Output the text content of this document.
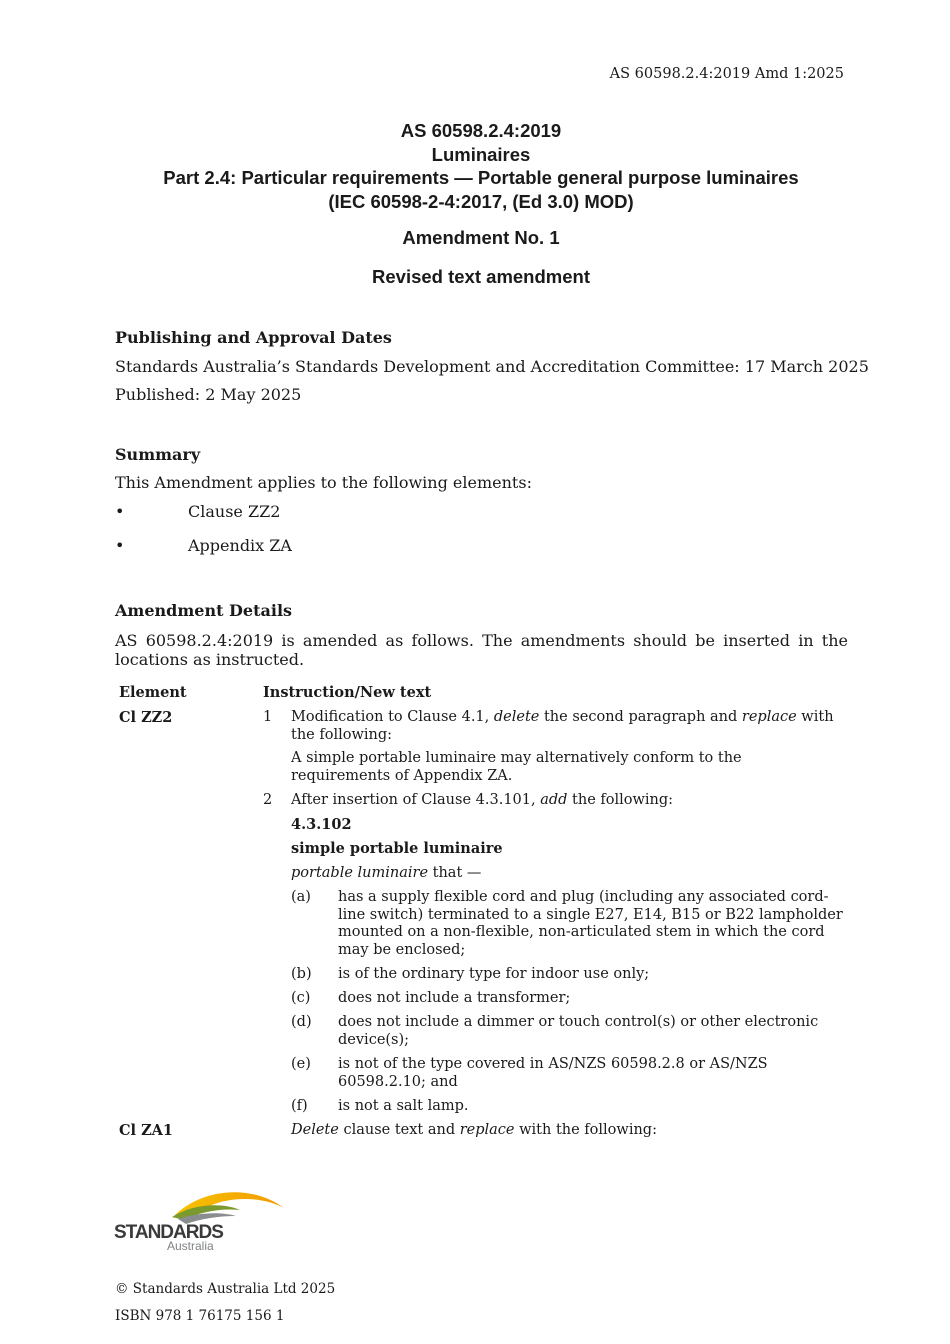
AS 60598.2.4:2019 Amd 1:2025
AS 60598.2.4:2019
Luminaires
Part 2.4: Particular requirements — Portable general purpose luminaires
(IEC 60598-2-4:2017, (Ed 3.0) MOD)
Amendment No. 1
Revised text amendment
Publishing and Approval Dates
Standards Australia’s Standards Development and Accreditation Committee: 17 March 2025
Published: 2 May 2025
Summary
This Amendment applies to the following elements:
•	Clause ZZ2
•	Appendix ZA
Amendment Details
AS 60598.2.4:2019 is amended as follows. The amendments should be inserted in the locations as instructed.
Element	Instruction/New text
Cl ZZ2	1 Modification to Clause 4.1, delete the second paragraph and replace with the following:
A simple portable luminaire may alternatively conform to the requirements of Appendix ZA.
2 After insertion of Clause 4.3.101, add the following:
4.3.102
simple portable luminaire
portable luminaire that —
(a) has a supply flexible cord and plug (including any associated cord-line switch) terminated to a single E27, E14, B15 or B22 lampholder mounted on a non-flexible, non-articulated stem in which the cord may be enclosed;
(b) is of the ordinary type for indoor use only;
(c) does not include a transformer;
(d) does not include a dimmer or touch control(s) or other electronic device(s);
(e) is not of the type covered in AS/NZS 60598.2.8 or AS/NZS 60598.2.10; and
(f) is not a salt lamp.
Cl ZA1	Delete clause text and replace with the following:
STANDARDS
Australia
© Standards Australia Ltd 2025
ISBN 978 1 76175 156 1
